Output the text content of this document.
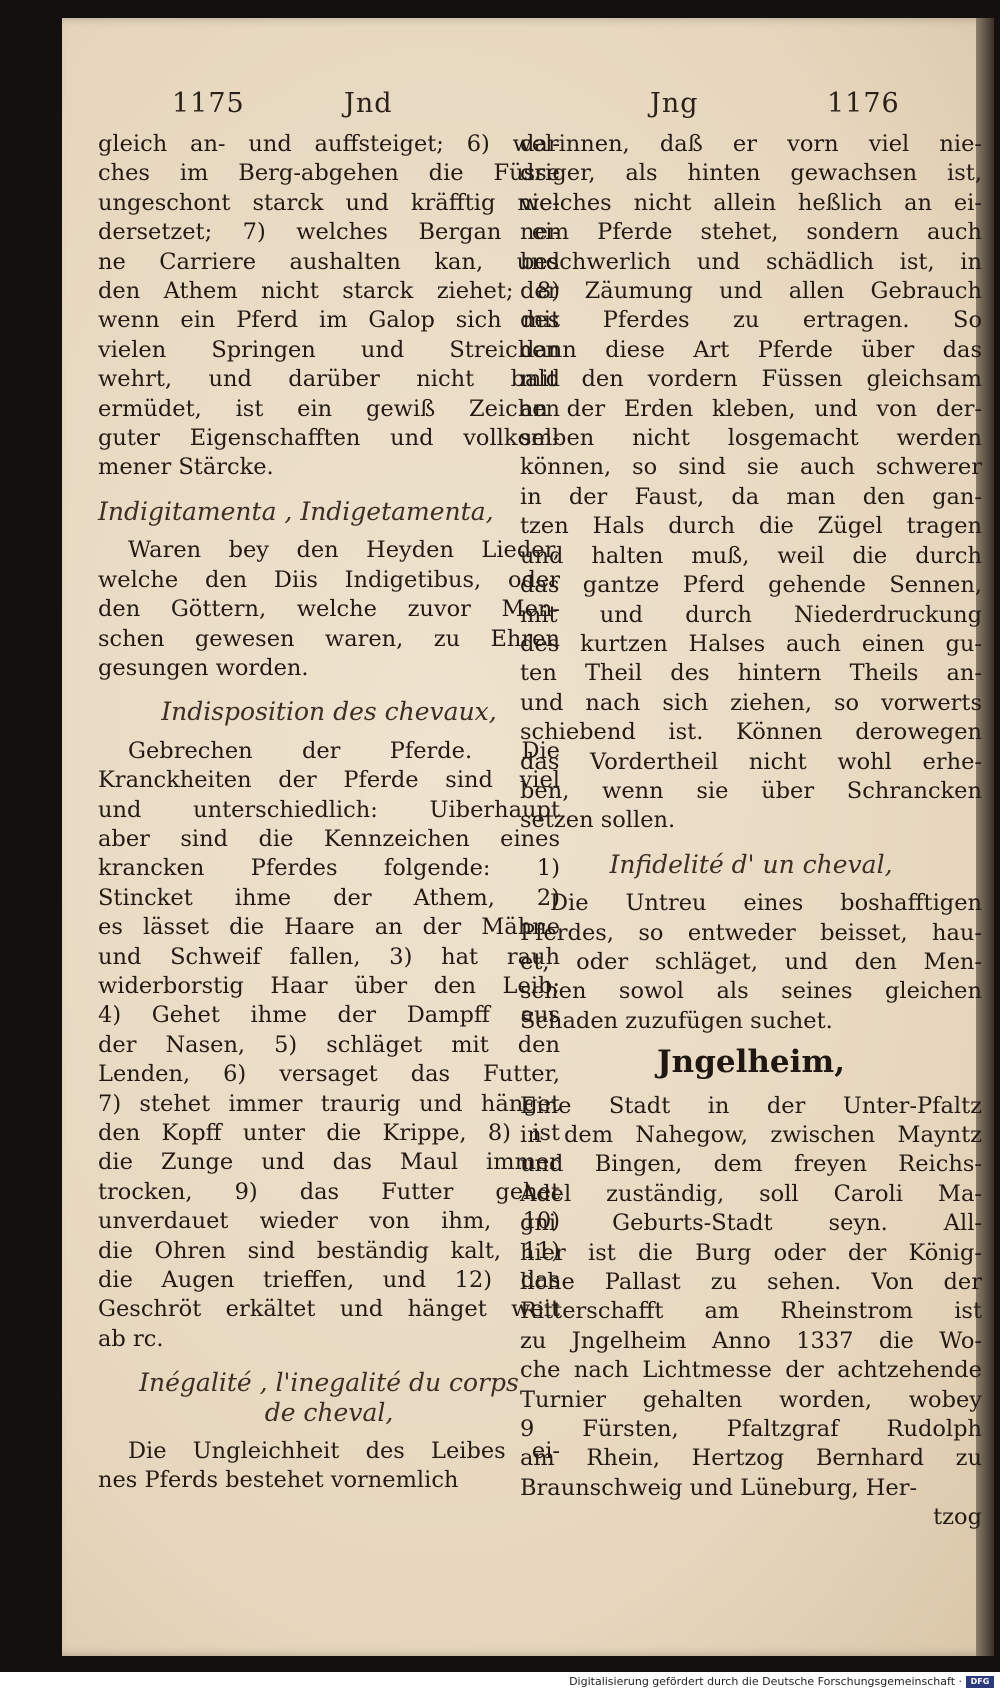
1175	Jnd	Jng	1176
gleich an- und auffsteiget; 6) wel-
ches im Berg-abgehen die Füsse
ungeschont starck und kräfftig nie-
dersetzet; 7) welches Bergan ei-
ne Carriere aushalten kan, und
den Athem nicht starck ziehet; 8)
wenn ein Pferd im Galop sich mit
vielen Springen und Streichen
wehrt, und darüber nicht bald
ermüdet, ist ein gewiß Zeichen
guter Eigenschafften und vollkom-
mener Stärcke.
Indigitamenta , Indigetamenta,
Waren bey den Heyden Lieder,
welche den Diis Indigetibus, oder
den Göttern, welche zuvor Men-
schen gewesen waren, zu Ehren
gesungen worden.
Indisposition des chevaux,
Gebrechen der Pferde. Die
Kranckheiten der Pferde sind viel
und unterschiedlich: Uiberhaupt
aber sind die Kennzeichen eines
krancken Pferdes folgende: 1)
Stincket ihme der Athem, 2)
es lässet die Haare an der Mähne
und Schweif fallen, 3) hat rauh
widerborstig Haar über den Leib;
4) Gehet ihme der Dampff aus
der Nasen, 5) schläget mit den
Lenden, 6) versaget das Futter,
7) stehet immer traurig und hänget
den Kopff unter die Krippe, 8) ist
die Zunge und das Maul immer
trocken, 9) das Futter gehet
unverdauet wieder von ihm, 10)
die Ohren sind beständig kalt, 11)
die Augen trieffen, und 12) das
Geschröt erkältet und hänget weit
ab rc.
Inégalité , l'inegalité du corps
de cheval,
Die Ungleichheit des Leibes ei-
nes Pferds bestehet vornemlich
darinnen, daß er vorn viel nie-
driger, als hinten gewachsen ist,
welches nicht allein heßlich an ei-
nem Pferde stehet, sondern auch
beschwerlich und schädlich ist, in
der Zäumung und allen Gebrauch
des Pferdes zu ertragen. So
dann diese Art Pferde über das
mit den vordern Füssen gleichsam
an der Erden kleben, und von der-
selben nicht losgemacht werden
können, so sind sie auch schwerer
in der Faust, da man den gan-
tzen Hals durch die Zügel tragen
und halten muß, weil die durch
das gantze Pferd gehende Sennen,
mit und durch Niederdruckung
des kurtzen Halses auch einen gu-
ten Theil des hintern Theils an-
und nach sich ziehen, so vorwerts
schiebend ist. Können derowegen
das Vordertheil nicht wohl erhe-
ben, wenn sie über Schrancken
setzen sollen.
Infidelité d' un cheval,
Die Untreu eines boshafftigen
Pferdes, so entweder beisset, hau-
et, oder schläget, und den Men-
schen sowol als seines gleichen
Schaden zuzufügen suchet.
Jngelheim,
Eine Stadt in der Unter-Pfaltz
in dem Nahegow, zwischen Mayntz
und Bingen, dem freyen Reichs-
Adel zuständig, soll Caroli Ma-
gni Geburts-Stadt seyn. All-
hier ist die Burg oder der König-
liche Pallast zu sehen. Von der
Ritterschafft am Rheinstrom ist
zu Jngelheim Anno 1337 die Wo-
che nach Lichtmesse der achtzehende
Turnier gehalten worden, wobey
9 Fürsten, Pfaltzgraf Rudolph
am Rhein, Hertzog Bernhard zu
Braunschweig und Lüneburg, Her-
tzog
Digitalisierung gefördert durch die Deutsche Forschungsgemeinschaft ·	DFG
